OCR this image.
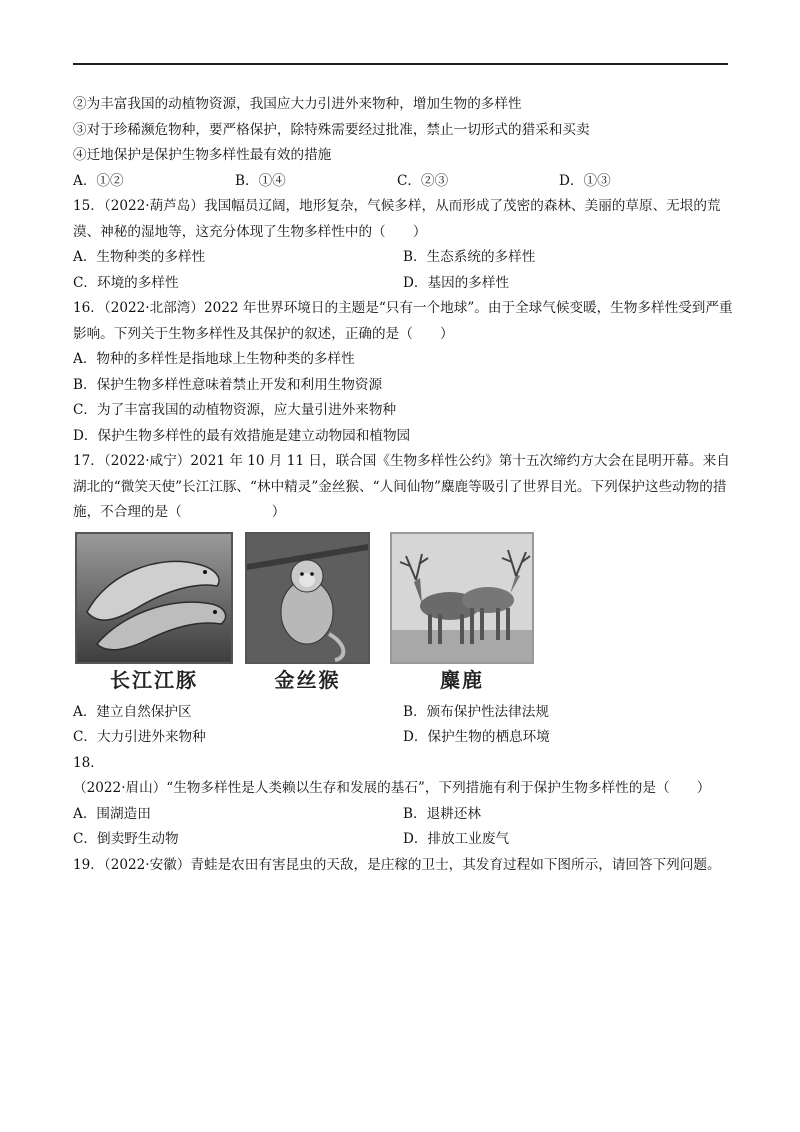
②为丰富我国的动植物资源，我国应大力引进外来物种，增加生物的多样性
③对于珍稀濒危物种，要严格保护，除特殊需要经过批准，禁止一切形式的猎采和买卖
④迁地保护是保护生物多样性最有效的措施
A．①②	B．①④	C．②③	D．①③
15．（2022·葫芦岛）我国幅员辽阔，地形复杂，气候多样，从而形成了茂密的森林、美丽的草原、无垠的荒漠、神秘的湿地等，这充分体现了生物多样性中的（　　）
A．生物种类的多样性	B．生态系统的多样性
C．环境的多样性	D．基因的多样性
16．（2022·北部湾）2022 年世界环境日的主题是“只有一个地球”。由于全球气候变暖，生物多样性受到严重影响。下列关于生物多样性及其保护的叙述，正确的是（　　）
A．物种的多样性是指地球上生物种类的多样性
B．保护生物多样性意味着禁止开发和利用生物资源
C．为了丰富我国的动植物资源，应大量引进外来物种
D．保护生物多样性的最有效措施是建立动物园和植物园
17．（2022·咸宁）2021 年 10 月 11 日，联合国《生物多样性公约》第十五次缔约方大会在昆明开幕。来自湖北的“微笑天使”长江江豚、“林中精灵”金丝猴、“人间仙物”麋鹿等吸引了世界目光。下列保护这些动物的措施，不合理的是（	）
长江江豚	金丝猴	麋鹿
A．建立自然保护区	B．颁布保护性法律法规
C．大力引进外来物种	D．保护生物的栖息环境
18．（2022·眉山）“生物多样性是人类赖以生存和发展的基石”，下列措施有利于保护生物多样性的是（　　）
A．围湖造田	B．退耕还林
C．倒卖野生动物	D．排放工业废气
19．（2022·安徽）青蛙是农田有害昆虫的天敌，是庄稼的卫士，其发育过程如下图所示，请回答下列问题。
